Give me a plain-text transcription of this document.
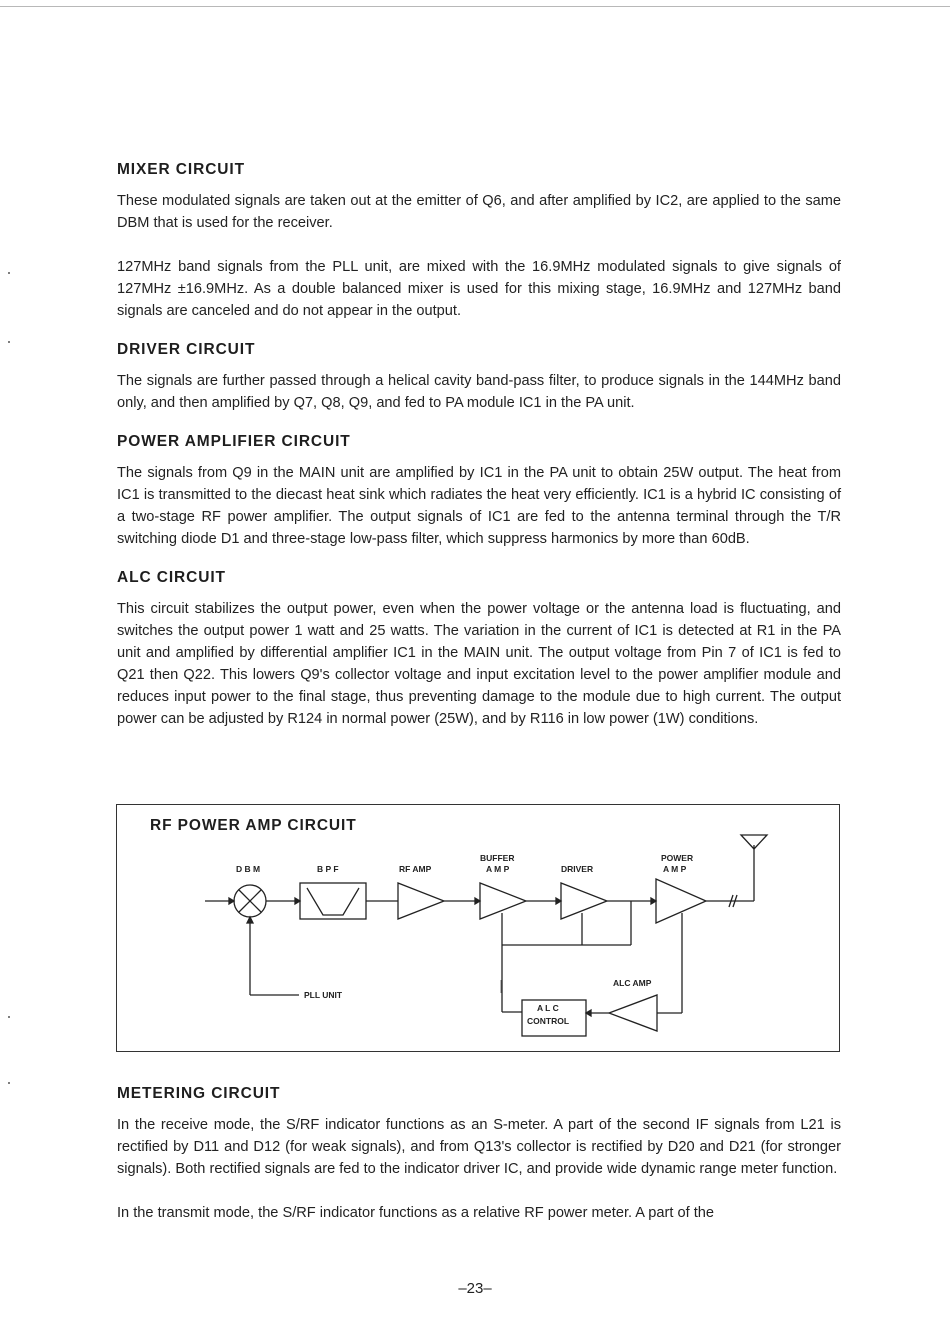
MIXER CIRCUIT

These modulated signals are taken out at the emitter of Q6, and after amplified by IC2, are applied to the same DBM that is used for the receiver.

127MHz band signals from the PLL unit, are mixed with the 16.9MHz modulated signals to give signals of 127MHz ±16.9MHz. As a double balanced mixer is used for this mixing stage, 16.9MHz and 127MHz band signals are canceled and do not appear in the output.

DRIVER CIRCUIT

The signals are further passed through a helical cavity band-pass filter, to produce signals in the 144MHz band only, and then amplified by Q7, Q8, Q9, and fed to PA module IC1 in the PA unit.

POWER AMPLIFIER CIRCUIT

The signals from Q9 in the MAIN unit are amplified by IC1 in the PA unit to obtain 25W output. The heat from IC1 is transmitted to the diecast heat sink which radiates the heat very efficiently. IC1 is a hybrid IC consisting of a two-stage RF power amplifier. The output signals of IC1 are fed to the antenna terminal through the T/R switching diode D1 and three-stage low-pass filter, which suppress harmonics by more than 60dB.

ALC CIRCUIT

This circuit stabilizes the output power, even when the power voltage or the antenna load is fluctuating, and switches the output power 1 watt and 25 watts. The variation in the current of IC1 is detected at R1 in the PA unit and amplified by differential amplifier IC1 in the MAIN unit. The output voltage from Pin 7 of IC1 is fed to Q21 then Q22. This lowers Q9's collector voltage and input excitation level to the power amplifier module and reduces input power to the final stage, thus preventing damage to the module due to high current. The output power can be adjusted by R124 in normal power (25W), and by R116 in low power (1W) conditions.

RF POWER AMP CIRCUIT
D B M	B P F	RF AMP
BUFFER
A M P	DRIVER
POWER
A M P
PLL UNIT
ALC AMP
A L C
CONTROL
METERING CIRCUIT

In the receive mode, the S/RF indicator functions as an S-meter. A part of the second IF signals from L21 is rectified by D11 and D12 (for weak signals), and from Q13's collector is rectified by D20 and D21 (for stronger signals). Both rectified signals are fed to the indicator driver IC, and provide wide dynamic range meter function.

In the transmit mode, the S/RF indicator functions as a relative RF power meter. A part of the

–23–
